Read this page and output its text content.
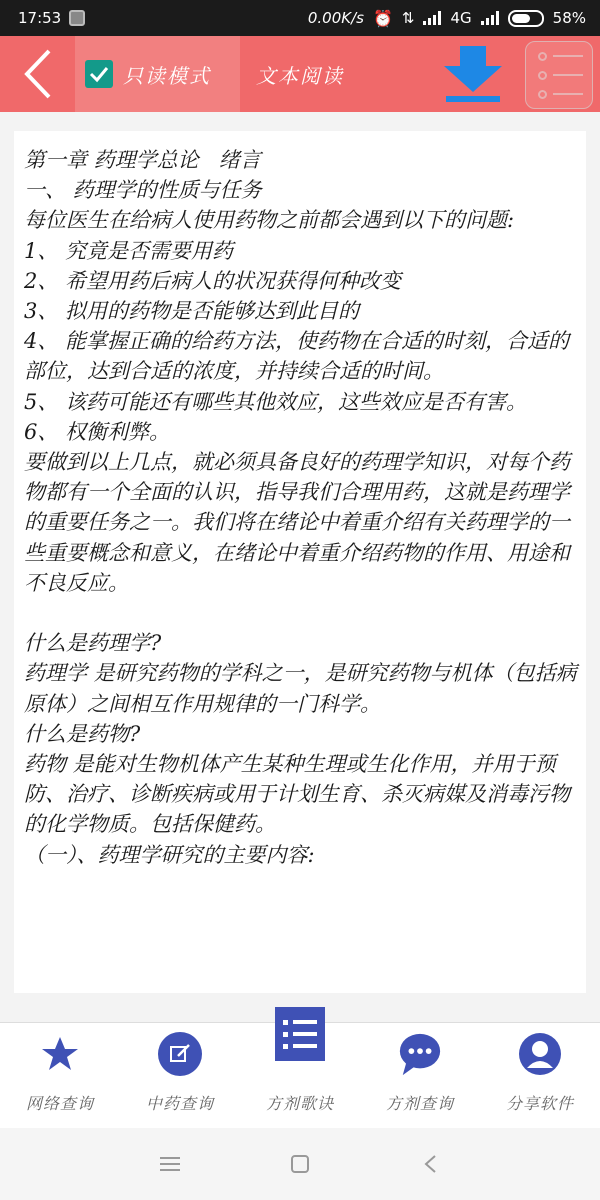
17:53	0.00K/s ⏰ ⇅ 4G	58%
只读模式 文本阅读
第一章 药理学总论   绪言
一、 药理学的性质与任务
每位医生在给病人使用药物之前都会遇到以下的问题:
1、 究竟是否需要用药
2、 希望用药后病人的状况获得何种改变
3、 拟用的药物是否能够达到此目的
4、 能掌握正确的给药方法，使药物在合适的时刻，合适的部位，达到合适的浓度，并持续合适的时间。
5、 该药可能还有哪些其他效应，这些效应是否有害。
6、 权衡利弊。
要做到以上几点，就必须具备良好的药理学知识，对每个药物都有一个全面的认识，指导我们合理用药，这就是药理学的重要任务之一。我们将在绪论中着重介绍有关药理学的一些重要概念和意义，在绪论中着重介绍药物的作用、用途和不良反应。

什么是药理学?
药理学 是研究药物的学科之一，是研究药物与机体（包括病原体）之间相互作用规律的一门科学。
什么是药物?
药物 是能对生物机体产生某种生理或生化作用，并用于预防、治疗、诊断疾病或用于计划生育、杀灭病媒及消毒污物的化学物质。包括保健药。
（一）、药理学研究的主要内容:
网络查询	中药查询	方剂歌诀	方剂查询	分享软件
